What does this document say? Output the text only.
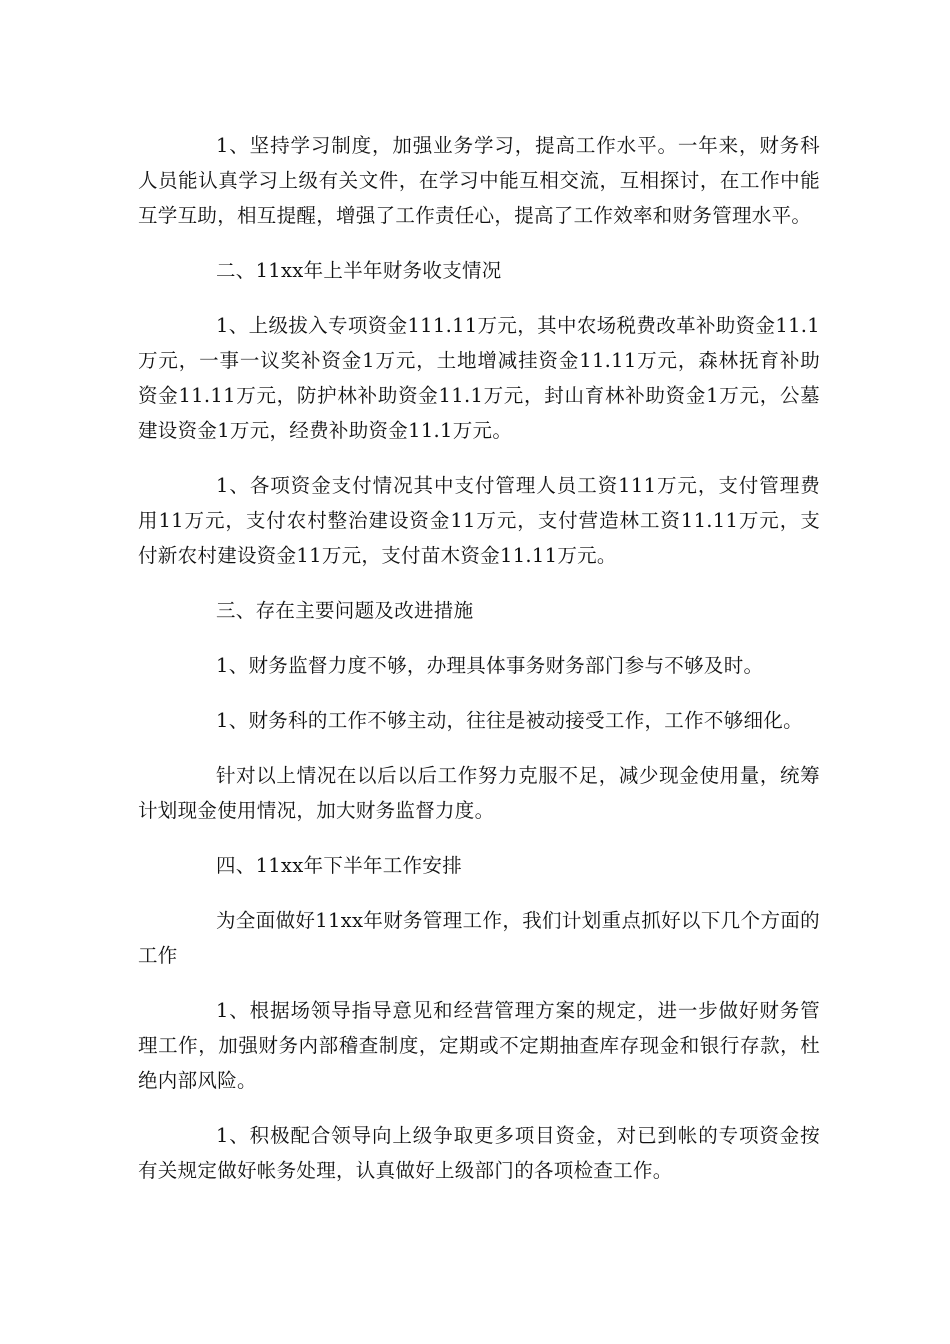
1、坚持学习制度，加强业务学习，提高工作水平。一年来，财务科人员能认真学习上级有关文件，在学习中能互相交流，互相探讨，在工作中能互学互助，相互提醒，增强了工作责任心，提高了工作效率和财务管理水平。

二、11xx年上半年财务收支情况

1、上级拔入专项资金111.11万元，其中农场税费改革补助资金11.1万元，一事一议奖补资金1万元，土地增减挂资金11.11万元，森林抚育补助资金11.11万元，防护林补助资金11.1万元，封山育林补助资金1万元，公墓建设资金1万元，经费补助资金11.1万元。

1、各项资金支付情况其中支付管理人员工资111万元，支付管理费用11万元，支付农村整治建设资金11万元，支付营造林工资11.11万元，支付新农村建设资金11万元，支付苗木资金11.11万元。

三、存在主要问题及改进措施

1、财务监督力度不够，办理具体事务财务部门参与不够及时。

1、财务科的工作不够主动，往往是被动接受工作，工作不够细化。

针对以上情况在以后以后工作努力克服不足，减少现金使用量，统筹计划现金使用情况，加大财务监督力度。

四、11xx年下半年工作安排

为全面做好11xx年财务管理工作，我们计划重点抓好以下几个方面的工作

1、根据场领导指导意见和经营管理方案的规定，进一步做好财务管理工作，加强财务内部稽查制度，定期或不定期抽查库存现金和银行存款，杜绝内部风险。

1、积极配合领导向上级争取更多项目资金，对已到帐的专项资金按有关规定做好帐务处理，认真做好上级部门的各项检查工作。
